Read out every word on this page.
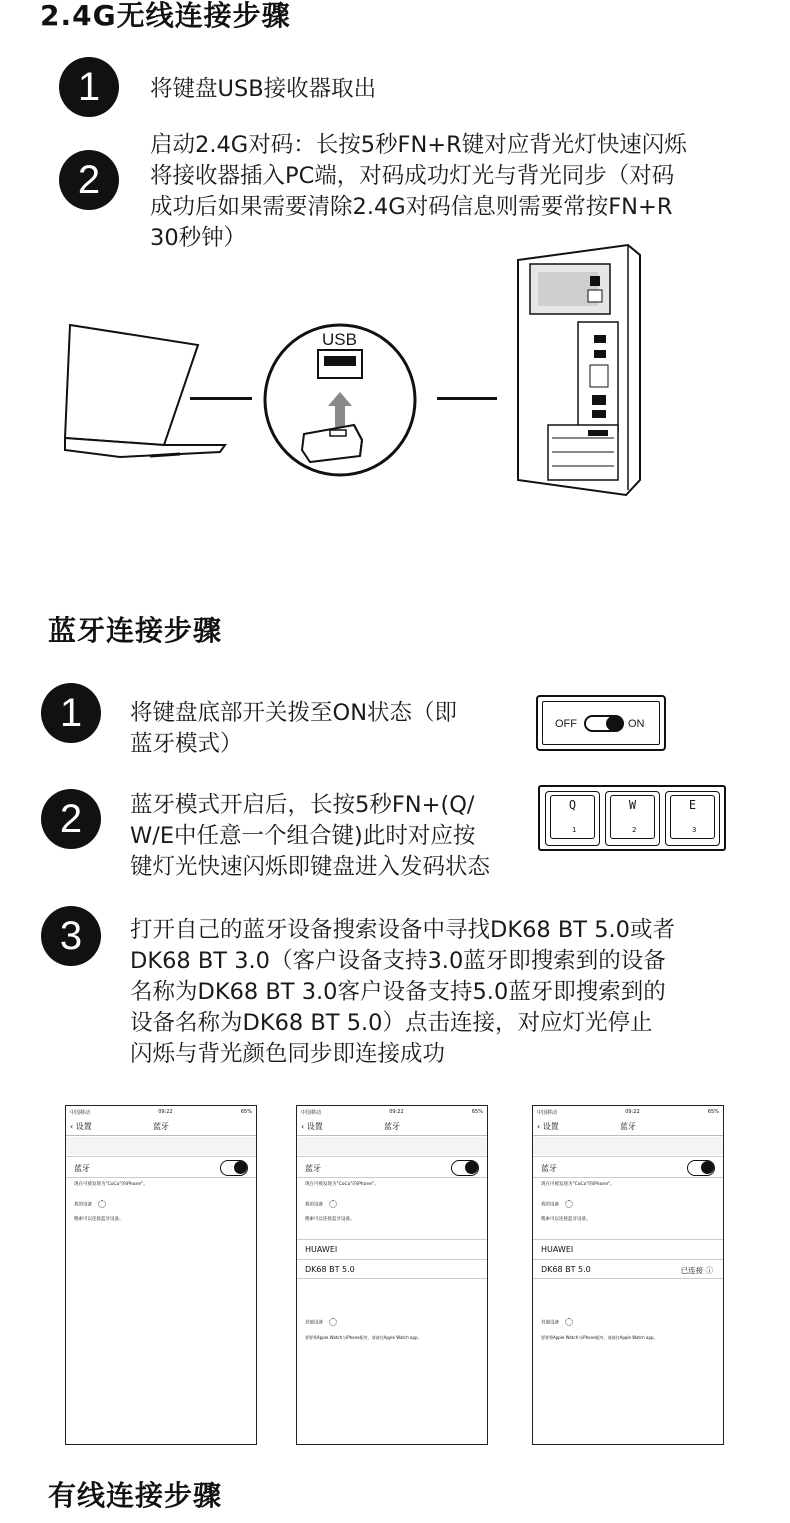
2.4G无线连接步骤
1	将键盘USB接收器取出
2
启动2.4G对码：长按5秒FN+R键对应背光灯快速闪烁
将接收器插入PC端，对码成功灯光与背光同步（对码
成功后如果需要清除2.4G对码信息则需要常按FN+R
30秒钟）
USB
蓝牙连接步骤
1	将键盘底部开关拨至ON状态（即
蓝牙模式）
OFF	ON
2	蓝牙模式开启后，长按5秒FN+(Q/
W/E中任意一个组合键)此时对应按
键灯光快速闪烁即键盘进入发码状态
Q
1
W
2
E
3
3	打开自己的蓝牙设备搜索设备中寻找DK68 BT 5.0或者
DK68 BT 3.0（客户设备支持3.0蓝牙即搜索到的设备
名称为DK68 BT 3.0客户设备支持5.0蓝牙即搜索到的
设备名称为DK68 BT 5.0）点击连接，对应灯光停止
闪烁与背光颜色同步即连接成功
中国移动	09:22	65%
‹ 设置	蓝牙
蓝牙
现在可被发现为"CoCo"的iPhone"。
我的设备
搜索可以连接蓝牙设备。
中国移动	09:22	65%
‹ 设置	蓝牙
蓝牙
现在可被发现为"CoCo"的iPhone"。
我的设备
搜索可以连接蓝牙设备。
HUAWEI
DK68 BT 5.0
其他设备
要要将Apple Watch与iPhone配对，请前往Apple Watch app。
中国移动	09:22	65%
‹ 设置	蓝牙
蓝牙
现在可被发现为"CoCo"的iPhone"。
我的设备
搜索可以连接蓝牙设备。
HUAWEI
DK68 BT 5.0	已连接 ⓘ
其他设备
要要将Apple Watch与iPhone配对，请前往Apple Watch app。
有线连接步骤
